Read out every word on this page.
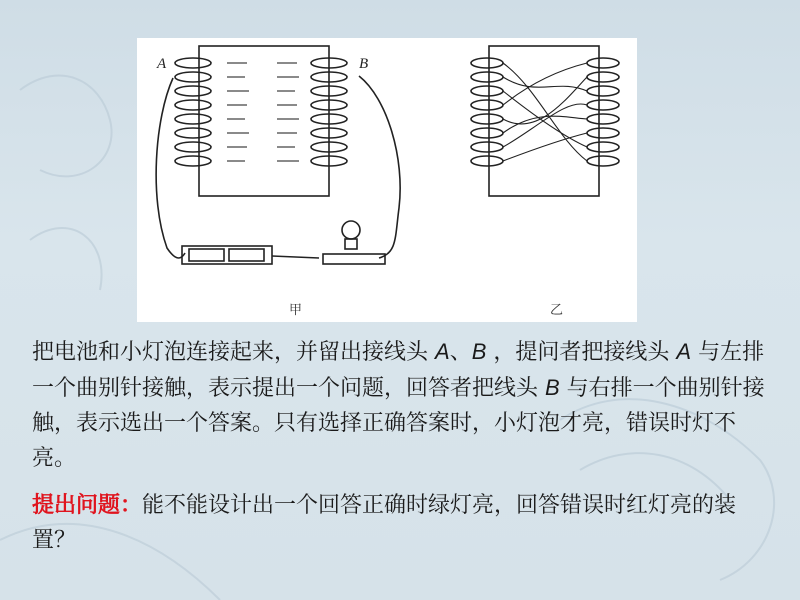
A	B
甲	乙

把电池和小灯泡连接起来，并留出接线头 A、B ，提问者把接线头 A 与左排一个曲别针接触，表示提出一个问题，回答者把线头 B 与右排一个曲别针接触，表示选出一个答案。只有选择正确答案时，小灯泡才亮，错误时灯不亮。

提出问题：能不能设计出一个回答正确时绿灯亮，回答错误时红灯亮的装置？
